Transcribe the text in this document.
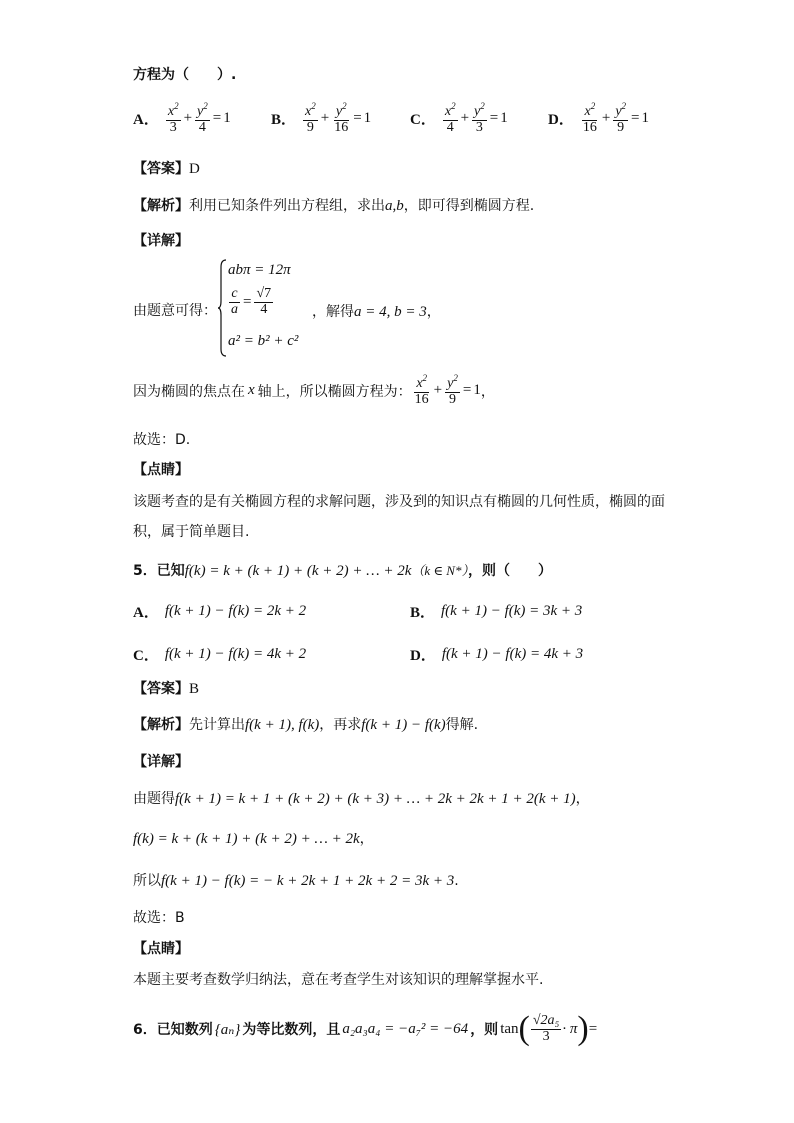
方程为（　　）.
A． $\frac{x^2}{3} + \frac{y^2}{4} = 1$	B． $\frac{x^2}{9} + \frac{y^2}{16} = 1$	C． $\frac{x^2}{4} + \frac{y^2}{3} = 1$	D． $\frac{x^2}{16} + \frac{y^2}{9} = 1$
【答案】D
【解析】利用已知条件列出方程组，求出a,b，即可得到椭圆方程.
【详解】
由题意可得：
abπ = 12π
$\frac{c}{a} = \frac{√7}{4}$
a² = b² + c²
，解得a = 4, b = 3，
因为椭圆的焦点在 x 轴上，所以椭圆方程为： $\frac{x^2}{16} + \frac{y^2}{9} = 1$ ，
故选：D.
【点睛】
该题考查的是有关椭圆方程的求解问题，涉及到的知识点有椭圆的几何性质，椭圆的面
积，属于简单题目.
5．已知f(k) = k + (k + 1) + (k + 2) + … + 2k（k ∈ N*），则（　　）
A． f(k + 1) − f(k) = 2k + 2	B． f(k + 1) − f(k) = 3k + 3
C． f(k + 1) − f(k) = 4k + 2	D． f(k + 1) − f(k) = 4k + 3
【答案】B
【解析】先计算出f(k + 1), f(k)，再求f(k + 1) − f(k)得解.
【详解】
由题得f(k + 1) = k + 1 + (k + 2) + (k + 3) + … + 2k + 2k + 1 + 2(k + 1)，
f(k) = k + (k + 1) + (k + 2) + … + 2k，
所以f(k + 1) − f(k) = − k + 2k + 1 + 2k + 2 = 3k + 3.
故选：B
【点睛】
本题主要考查数学归纳法，意在考查学生对该知识的理解掌握水平.
6． 已知数列 {aₙ} 为等比数列，且 a₂a₃a₄ = −a₇² = −64 ，则 tan ( $\frac{\text{√2a₅}}{3} \cdot \pi$ ) =
